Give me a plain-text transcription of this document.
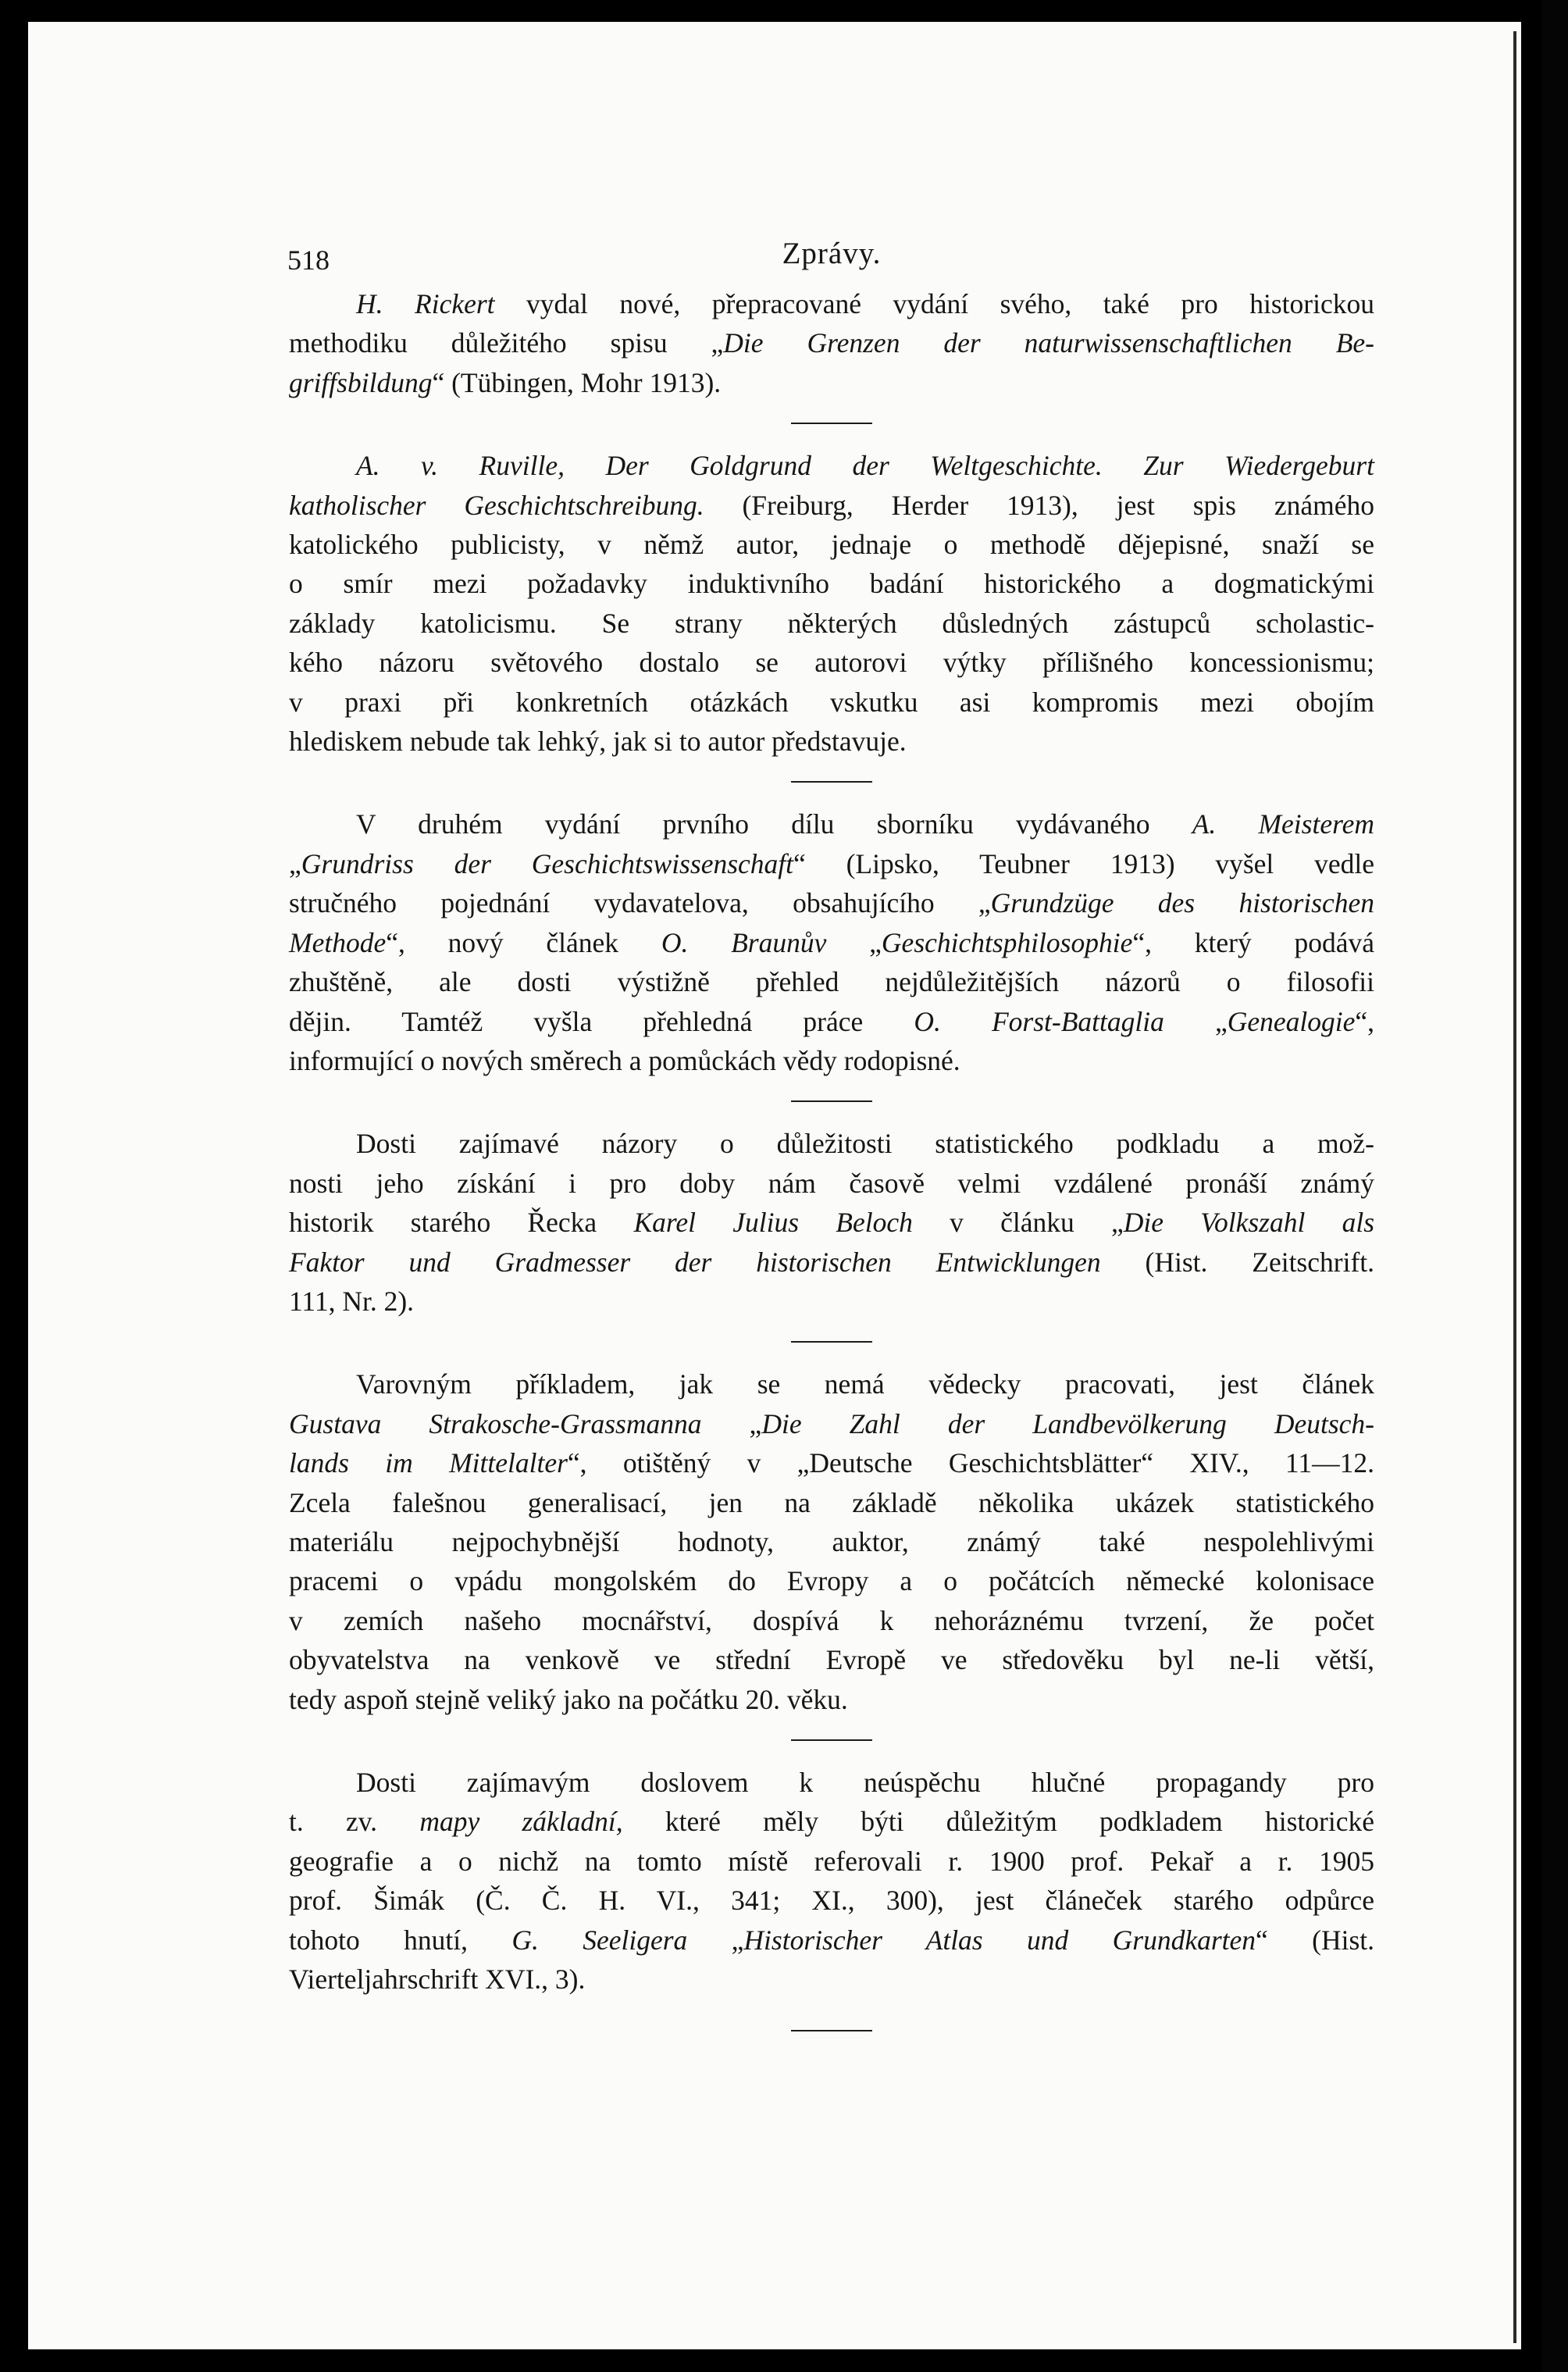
518	Zprávy.
H. Rickert vydal nové, přepracované vydání svého, také pro historickou
methodiku důležitého spisu „Die Grenzen der naturwissenschaftlichen Be-
griffsbildung“ (Tübingen, Mohr 1913).
A. v. Ruville, Der Goldgrund der Weltgeschichte. Zur Wiedergeburt
katholischer Geschichtschreibung. (Freiburg, Herder 1913), jest spis známého
katolického publicisty, v němž autor, jednaje o methodě dějepisné, snaží se
o smír mezi požadavky induktivního badání historického a dogmatickými
základy katolicismu. Se strany některých důsledných zástupců scholastic-
kého názoru světového dostalo se autorovi výtky přílišného koncessionismu;
v praxi při konkretních otázkách vskutku asi kompromis mezi obojím
hlediskem nebude tak lehký, jak si to autor představuje.
V druhém vydání prvního dílu sborníku vydávaného A. Meisterem
„Grundriss der Geschichtswissenschaft“ (Lipsko, Teubner 1913) vyšel vedle
stručného pojednání vydavatelova, obsahujícího „Grundzüge des historischen
Methode“, nový článek O. Braunův „Geschichtsphilosophie“, který podává
zhuštěně, ale dosti výstižně přehled nejdůležitějších názorů o filosofii
dějin. Tamtéž vyšla přehledná práce O. Forst-Battaglia „Genealogie“,
informující o nových směrech a pomůckách vědy rodopisné.
Dosti zajímavé názory o důležitosti statistického podkladu a mož-
nosti jeho získání i pro doby nám časově velmi vzdálené pronáší známý
historik starého Řecka Karel Julius Beloch v článku „Die Volkszahl als
Faktor und Gradmesser der historischen Entwicklungen (Hist. Zeitschrift.
111, Nr. 2).
Varovným příkladem, jak se nemá vědecky pracovati, jest článek
Gustava Strakosche-Grassmanna „Die Zahl der Landbevölkerung Deutsch-
lands im Mittelalter“, otištěný v „Deutsche Geschichtsblätter“ XIV., 11—12.
Zcela falešnou generalisací, jen na základě několika ukázek statistického
materiálu nejpochybnější hodnoty, auktor, známý také nespolehlivými
pracemi o vpádu mongolském do Evropy a o počátcích německé kolonisace
v zemích našeho mocnářství, dospívá k nehoráznému tvrzení, že počet
obyvatelstva na venkově ve střední Evropě ve středověku byl ne-li větší,
tedy aspoň stejně veliký jako na počátku 20. věku.
Dosti zajímavým doslovem k neúspěchu hlučné propagandy pro
t. zv. mapy základní, které měly býti důležitým podkladem historické
geografie a o nichž na tomto místě referovali r. 1900 prof. Pekař a r. 1905
prof. Šimák (Č. Č. H. VI., 341; XI., 300), jest článeček starého odpůrce
tohoto hnutí, G. Seeligera „Historischer Atlas und Grundkarten“ (Hist.
Vierteljahrschrift XVI., 3).
